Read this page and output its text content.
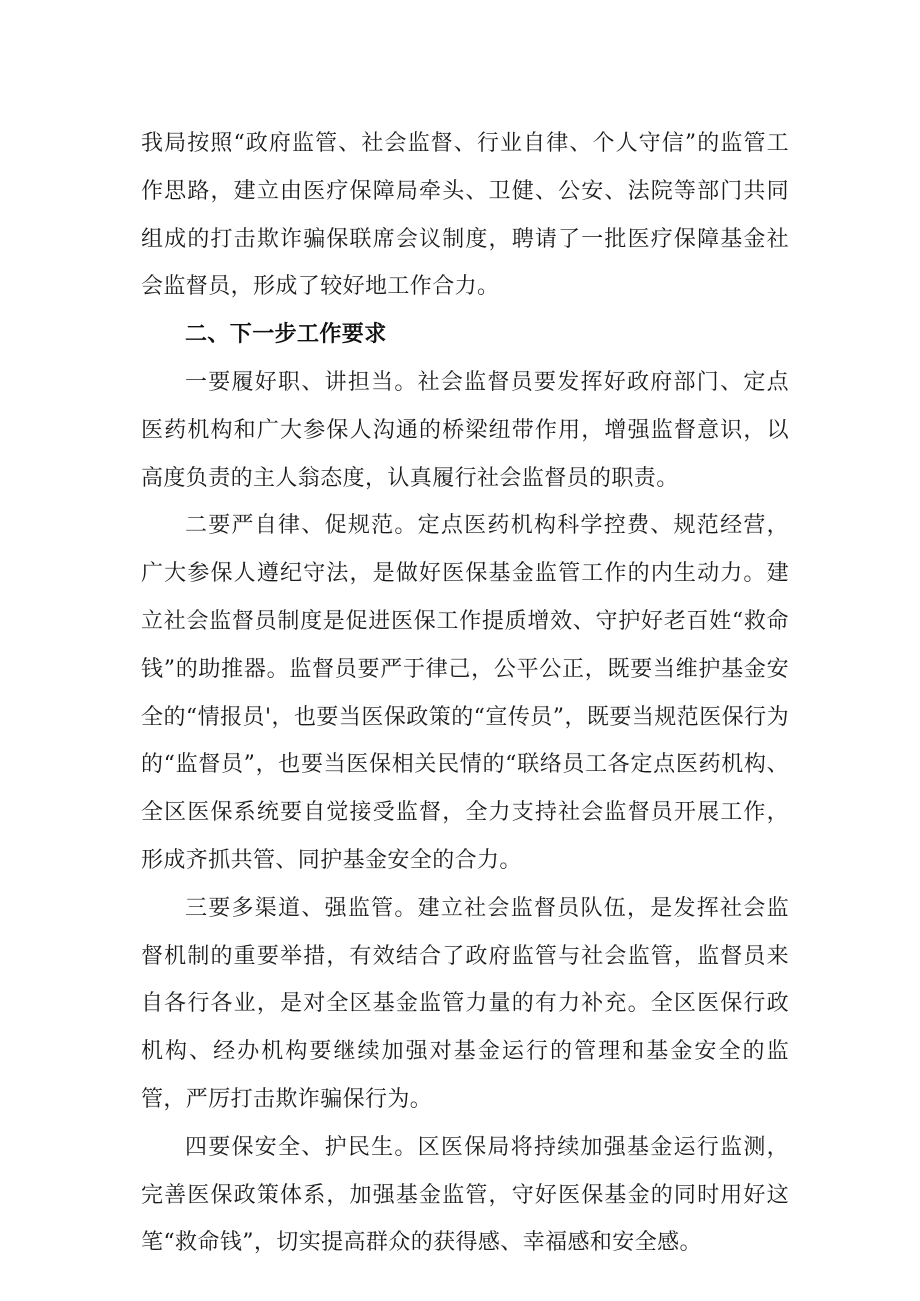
我局按照“政府监管、社会监督、行业自律、个人守信”的监管工作思路，建立由医疗保障局牵头、卫健、公安、法院等部门共同组成的打击欺诈骗保联席会议制度，聘请了一批医疗保障基金社会监督员，形成了较好地工作合力。

二、下一步工作要求

一要履好职、讲担当。社会监督员要发挥好政府部门、定点医药机构和广大参保人沟通的桥梁纽带作用，增强监督意识，以高度负责的主人翁态度，认真履行社会监督员的职责。

二要严自律、促规范。定点医药机构科学控费、规范经营，广大参保人遵纪守法，是做好医保基金监管工作的内生动力。建立社会监督员制度是促进医保工作提质增效、守护好老百姓“救命钱”的助推器。监督员要严于律己，公平公正，既要当维护基金安全的“情报员'，也要当医保政策的“宣传员”，既要当规范医保行为的“监督员”，也要当医保相关民情的“联络员工各定点医药机构、全区医保系统要自觉接受监督，全力支持社会监督员开展工作，形成齐抓共管、同护基金安全的合力。

三要多渠道、强监管。建立社会监督员队伍，是发挥社会监督机制的重要举措，有效结合了政府监管与社会监管，监督员来自各行各业，是对全区基金监管力量的有力补充。全区医保行政机构、经办机构要继续加强对基金运行的管理和基金安全的监管，严厉打击欺诈骗保行为。

四要保安全、护民生。区医保局将持续加强基金运行监测，完善医保政策体系，加强基金监管，守好医保基金的同时用好这笔“救命钱”，切实提高群众的获得感、幸福感和安全感。
